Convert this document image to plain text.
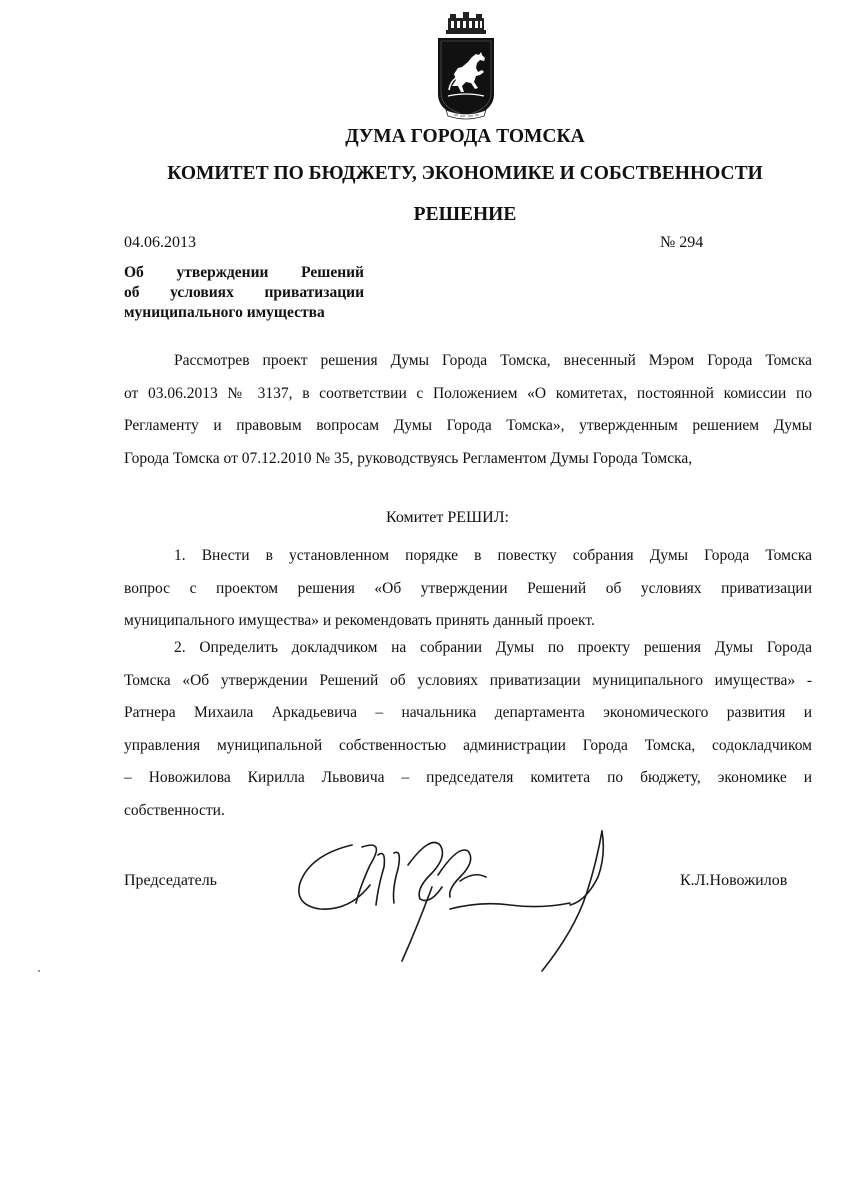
ДУМА ГОРОДА ТОМСКА
КОМИТЕТ ПО БЮДЖЕТУ, ЭКОНОМИКЕ И СОБСТВЕННОСТИ
РЕШЕНИЕ
04.06.2013	№ 294
Об утверждении Решений
об условиях приватизации
муниципального имущества
Рассмотрев проект решения Думы Города Томска, внесенный Мэром Города Томска
от 03.06.2013 № 3137, в соответствии с Положением «О комитетах, постоянной комиссии по
Регламенту и правовым вопросам Думы Города Томска», утвержденным решением Думы
Города Томска от 07.12.2010 № 35, руководствуясь Регламентом Думы Города Томска,
Комитет РЕШИЛ:
1. Внести в установленном порядке в повестку собрания Думы Города Томска
вопрос с проектом решения «Об утверждении Решений об условиях приватизации
муниципального имущества» и рекомендовать принять данный проект.
2. Определить докладчиком на собрании Думы по проекту решения Думы Города
Томска «Об утверждении Решений об условиях приватизации муниципального имущества» -
Ратнера Михаила Аркадьевича – начальника департамента экономического развития и
управления муниципальной собственностью администрации Города Томска, содокладчиком
– Новожилова Кирилла Львовича – председателя комитета по бюджету, экономике и
собственности.
Председатель	К.Л.Новожилов
